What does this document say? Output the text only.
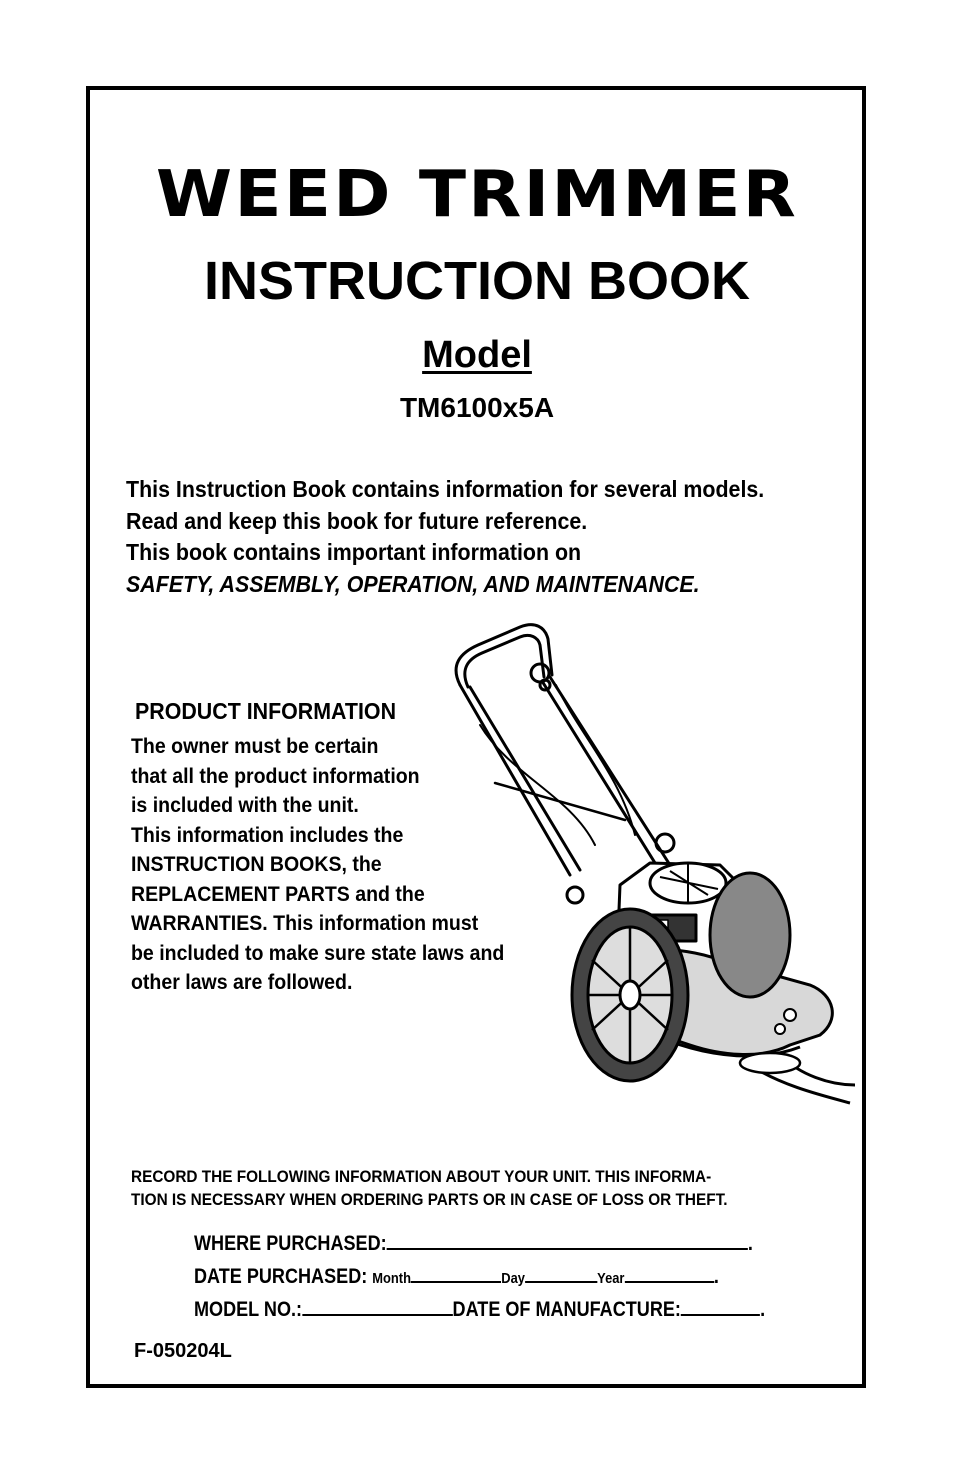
WEED TRIMMER
INSTRUCTION BOOK
Model
TM6100x5A
This Instruction Book contains information for several models.
Read and keep this book for future reference.
This book contains important information on
SAFETY, ASSEMBLY, OPERATION, AND MAINTENANCE.
PRODUCT INFORMATION
The owner must be certain
that all the product information
is included with the unit.
This information includes the
INSTRUCTION BOOKS, the
REPLACEMENT PARTS and the
WARRANTIES. This information must
be included to make sure state laws and
other laws are followed.
RECORD THE FOLLOWING INFORMATION ABOUT YOUR UNIT. THIS INFORMA-
TION IS NECESSARY WHEN ORDERING PARTS OR IN CASE OF LOSS OR THEFT.
WHERE PURCHASED:	.
DATE PURCHASED: Month	Day	Year	.
MODEL NO.:	DATE OF MANUFACTURE:	.
F-050204L
